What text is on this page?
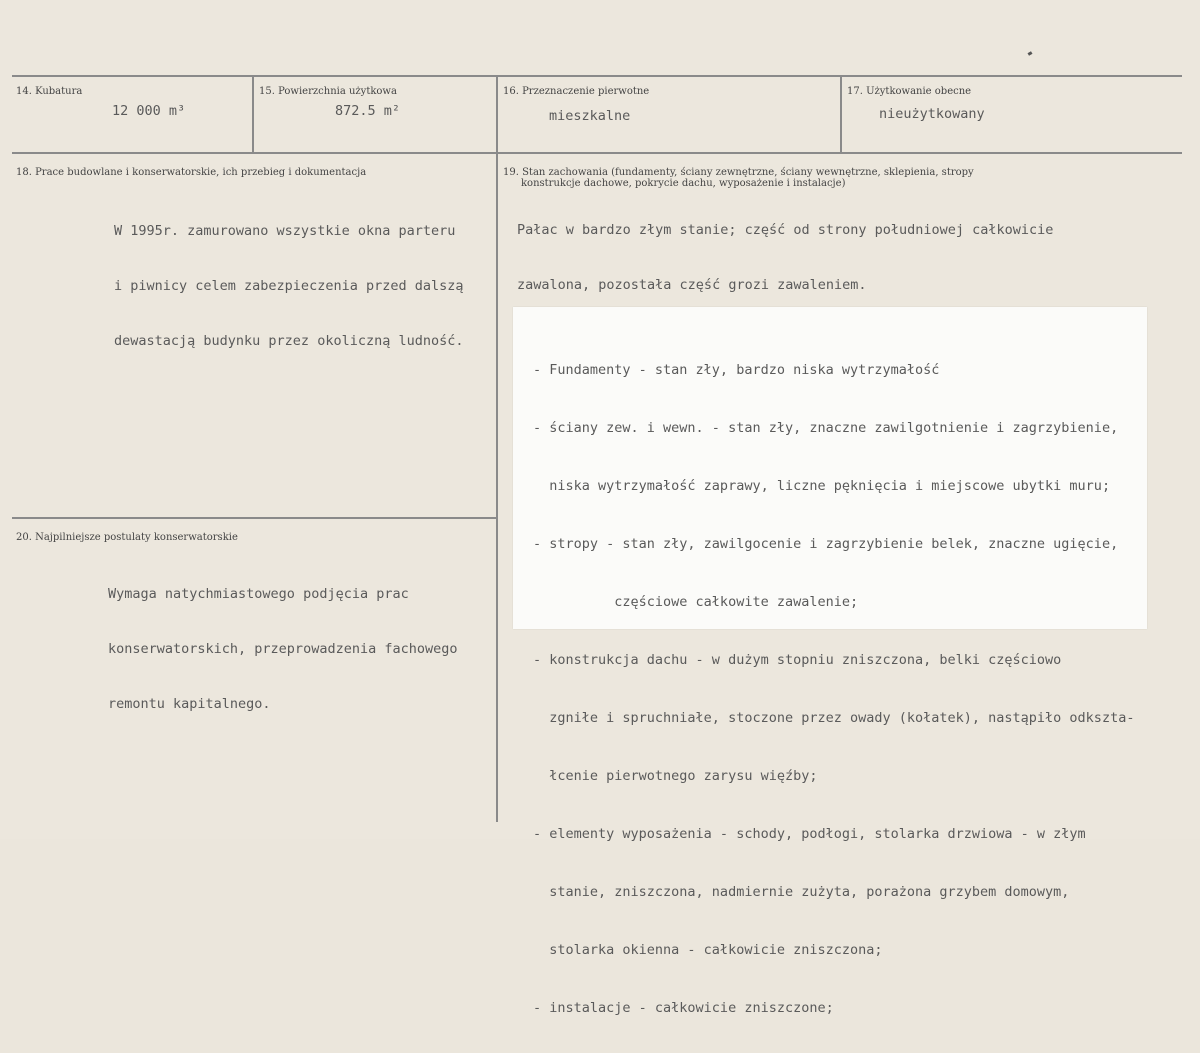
14. Kubatura
12 000 m³
15. Powierzchnia użytkowa
872.5 m²
16. Przeznaczenie pierwotne
mieszkalne
17. Użytkowanie obecne
nieużytkowany
18. Prace budowlane i konserwatorskie, ich przebieg i dokumentacja

W 1995r. zamurowano wszystkie okna parteru

i piwnicy celem zabezpieczenia przed dalszą

dewastacją budynku przez okoliczną ludność.

19. Stan zachowania (fundamenty, ściany zewnętrzne, ściany wewnętrzne, sklepienia, stropy
konstrukcje dachowe, pokrycie dachu, wyposażenie i instalacje)

Pałac w bardzo złym stanie; część od strony południowej całkowicie

zawalona, pozostała część grozi zawaleniem.

- Fundamenty - stan zły, bardzo niska wytrzymałość

- ściany zew. i wewn. - stan zły, znaczne zawilgotnienie i zagrzybienie,

niska wytrzymałość zaprawy, liczne pęknięcia i miejscowe ubytki muru;

- stropy - stan zły, zawilgocenie i zagrzybienie belek, znaczne ugięcie,

częściowe całkowite zawalenie;

- konstrukcja dachu - w dużym stopniu zniszczona, belki częściowo

zgniłe i spruchniałe, stoczone przez owady (kołatek), nastąpiło odkszta-

łcenie pierwotnego zarysu więźby;

- elementy wyposażenia - schody, podłogi, stolarka drzwiowa - w złym

stanie, zniszczona, nadmiernie zużyta, porażona grzybem domowym,

stolarka okienna - całkowicie zniszczona;

- instalacje - całkowicie zniszczone;

20. Najpilniejsze postulaty konserwatorskie

Wymaga natychmiastowego podjęcia prac

konserwatorskich, przeprowadzenia fachowego

remontu kapitalnego.
